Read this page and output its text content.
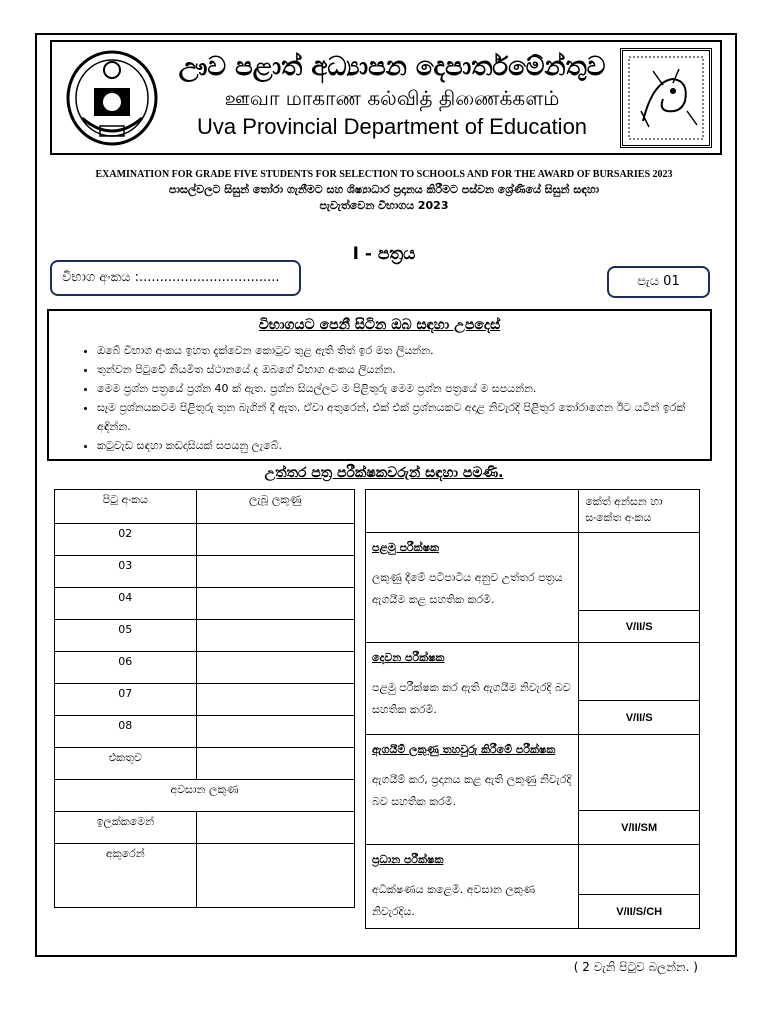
ඌව පළාත් අධ්‍යාපන දෙපාර්තමේන්තුව
ஊவா மாகாண கல்வித் திணைக்களம்
Uva Provincial Department of Education
EXAMINATION FOR GRADE FIVE STUDENTS FOR SELECTION TO SCHOOLS AND FOR THE AWARD OF BURSARIES 2023
පාසල්වලට සිසුන් තෝරා ගැනීමට සහ ශිෂ්‍යාධාර ප්‍රදානය කිරීමට පස්වන ශ්‍රේණියේ සිසුන් සඳහා
පැවැත්වෙන විභාගය 2023
I - පත්‍රය
විභාග අංකය :..................................	පැය 01
විභාගයට පෙනී සිටින ඔබ සඳහා උපදෙස්
• ඔබේ විභාග අංකය ඉහත දැක්වෙන කොටුව තුළ ඇති තිත් ඉර මත ලියන්න.
• තුන්වන පිටුවේ නියමිත ස්ථානයේ ද ඔබගේ විභාග අංකය ලියන්න.
• මෙම ප්‍රශ්න පත්‍රයේ ප්‍රශ්න 40 ක් ඇත. ප්‍රශ්න සියල්ලට ම පිළිතුරු මෙම ප්‍රශ්න පත්‍රයේ ම සපයන්න.
• සෑම ප්‍රශ්නයකටම පිළිතුරු තුන බැගින් දී ඇත. ඒවා අතුරෙන්, එක් එක් ප්‍රශ්නයකට අදාළ නිවැරදි පිළිතුර තෝරාගෙන ඊට යටින් ඉරක් අඳින්න.
• කටුවැඩ සඳහා කඩදාසියක් සපයනු ලැබේ.
උත්තර පත්‍ර පරීක්ෂකවරුන් සඳහා පමණි.
පිටු අංකය	ලැබූ ලකුණු
02	
03	
04	
05	
06	
07	
08	
එකතුව	
අවසාන ලකුණ	
ඉලක්කමෙන්	
අකුරෙන්	
	කේත් අන්සන හා සංකේත අංකය

පළමු පරීක්ෂක
ලකුණු දීමේ පටිපාටිය අනුව උත්තර පත්‍රය ඇගයීම කළ සහතික කරමි.	
	V/II/S

දෙවන පරීක්ෂක
පළමු පරීක්ෂක කර ඇති ඇගයීම නිවැරදි බව සහතික කරමි.	
	V/II/S

ඇගයීම් ලකුණු තහවුරු කිරීමේ පරීක්ෂක
ඇගයීම් කර, ප්‍රදානය කළ ඇති ලකුණු නිවැරදි බව සහතික කරමි.	
	V/II/SM

ප්‍රධාන පරීක්ෂක
අධීක්ෂණය කළෙමි. අවසාන ලකුණ නිවැරදිය.	
	V/II/S/CH
( 2 වැනි පිටුව බලන්න. )
